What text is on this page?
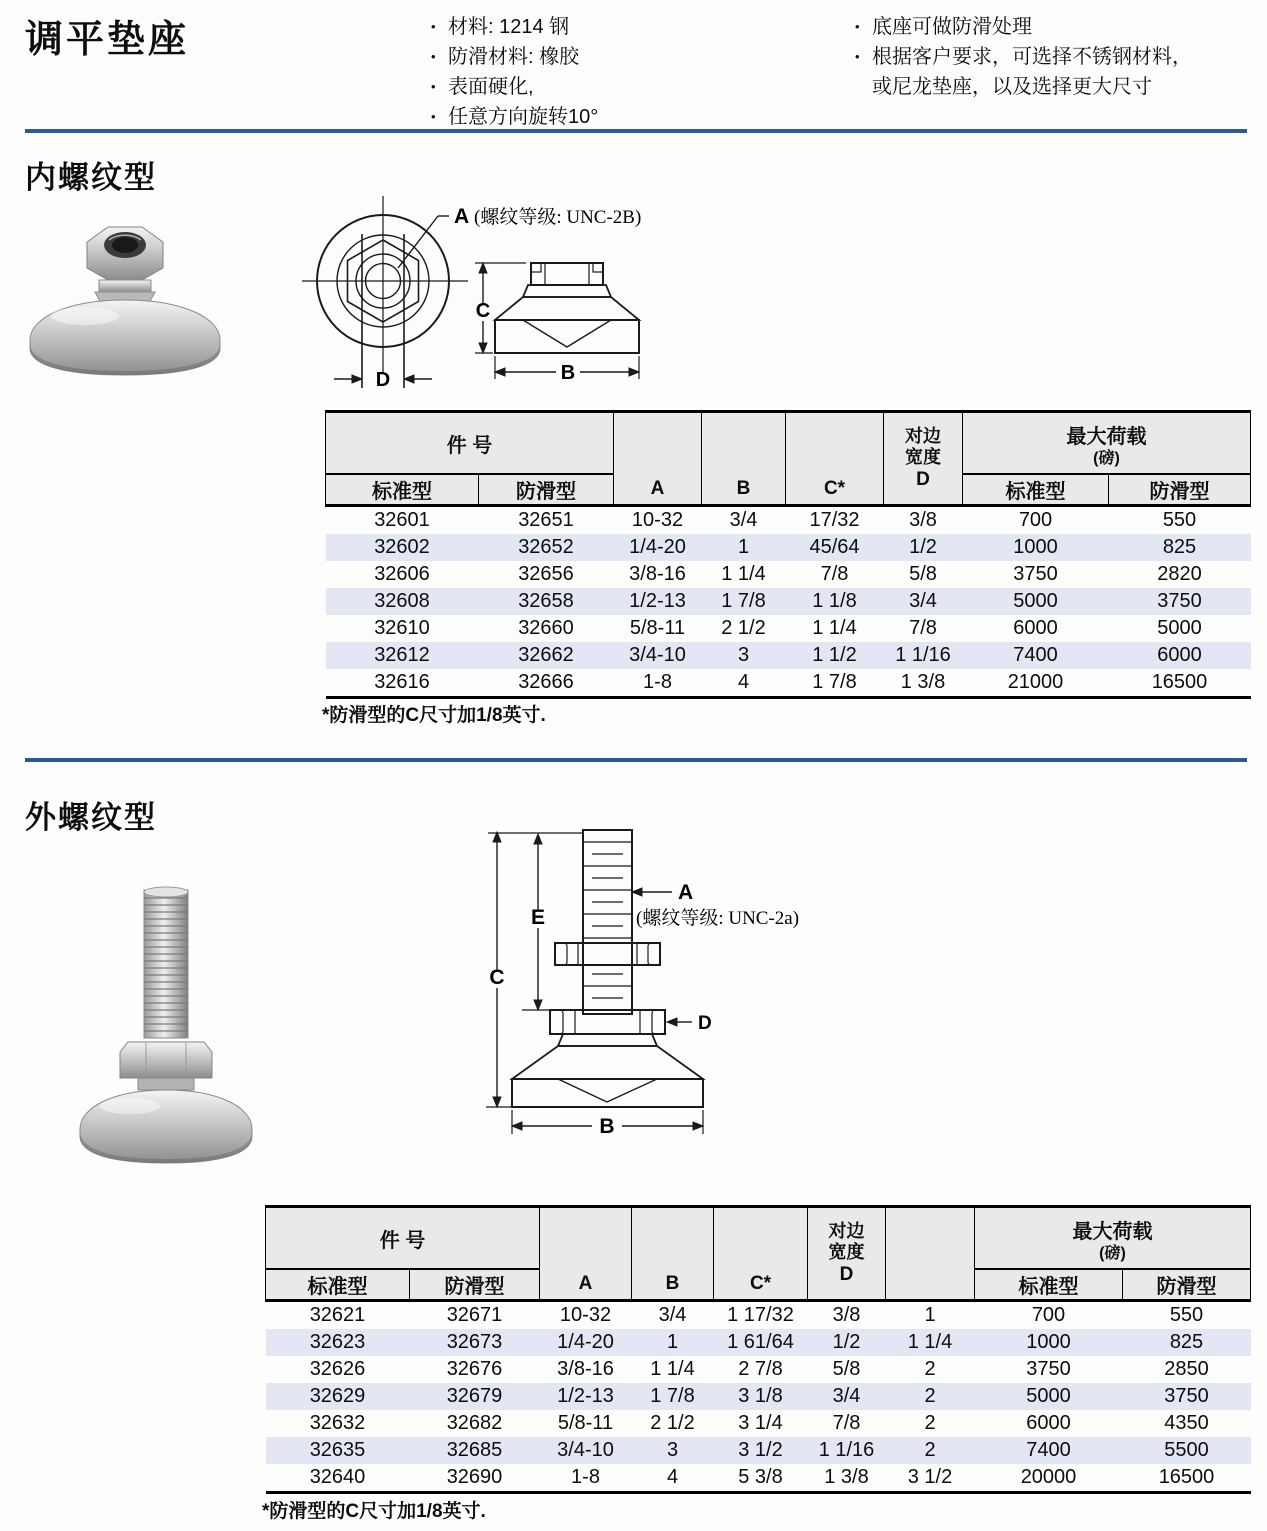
调平垫座	• 材料: 1214 钢
• 防滑材料: 橡胶
• 表面硬化,
• 任意方向旋转10°
• 底座可做防滑处理
• 根据客户要求，可选择不锈钢材料，或尼龙垫座，以及选择更大尺寸
内螺纹型
D
A (螺纹等级: UNC-2B)
C
B
件 号	A	B	C*	
对边
宽度
D

最大荷载
(磅)

标准型	防滑型					标准型	防滑型
32601	32651	10-32	3/4	17/32	3/8	700	550
32602	32652	1/4-20	1	45/64	1/2	1000	825
32606	32656	3/8-16	1 1/4	7/8	5/8	3750	2820
32608	32658	1/2-13	1 7/8	1 1/8	3/4	5000	3750
32610	32660	5/8-11	2 1/2	1 1/4	7/8	6000	5000
32612	32662	3/4-10	3	1 1/2	1 1/16	7400	6000
32616	32666	1-8	4	1 7/8	1 3/8	21000	16500
*防滑型的C尺寸加1/8英寸.
外螺纹型
C
E
A
(螺纹等级: UNC-2a)
D
B
件 号	A	B	C*	
对边
宽度
D

最大荷载
(磅)

标准型	防滑型						标准型	防滑型
32621	32671	10-32	3/4	1 17/32	3/8	1	700	550
32623	32673	1/4-20	1	1 61/64	1/2	1 1/4	1000	825
32626	32676	3/8-16	1 1/4	2 7/8	5/8	2	3750	2850
32629	32679	1/2-13	1 7/8	3 1/8	3/4	2	5000	3750
32632	32682	5/8-11	2 1/2	3 1/4	7/8	2	6000	4350
32635	32685	3/4-10	3	3 1/2	1 1/16	2	7400	5500
32640	32690	1-8	4	5 3/8	1 3/8	3 1/2	20000	16500
*防滑型的C尺寸加1/8英寸.
